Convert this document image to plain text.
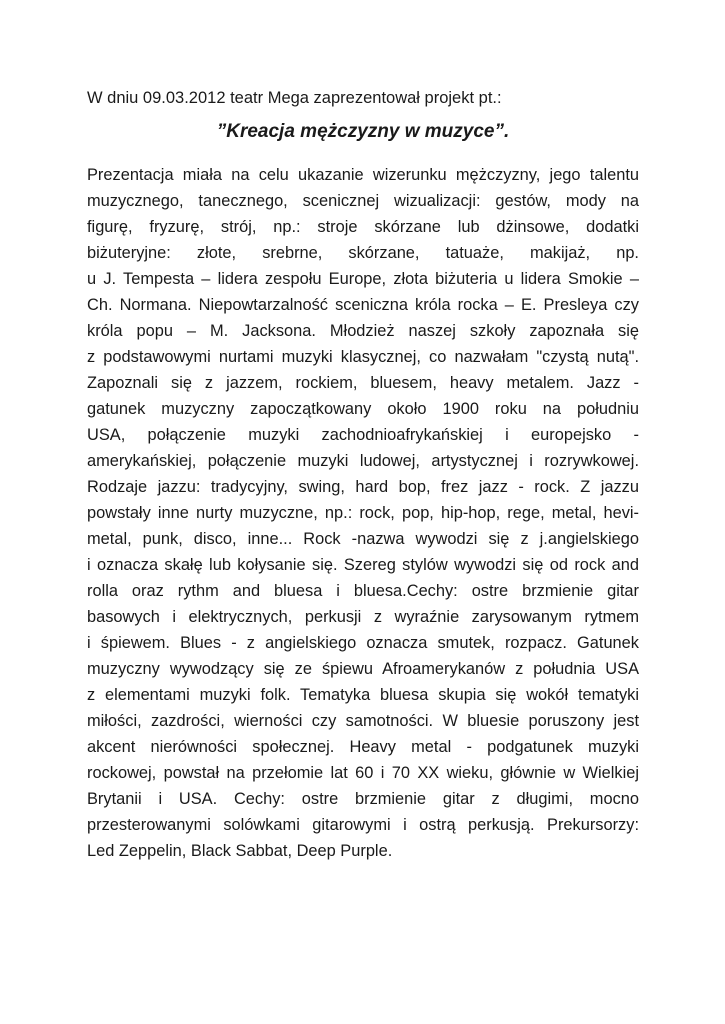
W dniu 09.03.2012 teatr Mega zaprezentował projekt pt.:
”Kreacja mężczyzny w muzyce”.
Prezentacja miała na celu ukazanie wizerunku mężczyzny, jego talentu
muzycznego, tanecznego, scenicznej wizualizacji: gestów, mody na
figurę, fryzurę, strój, np.: stroje skórzane lub dżinsowe, dodatki
biżuteryjne: złote, srebrne, skórzane, tatuaże, makijaż, np.
u J. Tempesta – lidera zespołu Europe, złota biżuteria u lidera Smokie –
Ch. Normana. Niepowtarzalność sceniczna króla rocka – E. Presleya czy
króla popu – M. Jacksona. Młodzież naszej szkoły zapoznała się
z podstawowymi nurtami muzyki klasycznej, co nazwałam "czystą nutą".
Zapoznali się z jazzem, rockiem, bluesem, heavy metalem. Jazz -
gatunek muzyczny zapoczątkowany około 1900 roku na południu
USA, połączenie muzyki zachodnioafrykańskiej i europejsko -
amerykańskiej, połączenie muzyki ludowej, artystycznej i rozrywkowej.
Rodzaje jazzu: tradycyjny, swing, hard bop, frez jazz - rock. Z jazzu
powstały inne nurty muzyczne, np.: rock, pop, hip-hop, rege, metal, hevi-
metal, punk, disco, inne... Rock -nazwa wywodzi się z j.angielskiego
i oznacza skałę lub kołysanie się. Szereg stylów wywodzi się od rock and
rolla oraz rythm and bluesa i bluesa.Cechy: ostre brzmienie gitar
basowych i elektrycznych, perkusji z wyraźnie zarysowanym rytmem
i śpiewem. Blues - z angielskiego oznacza smutek, rozpacz. Gatunek
muzyczny wywodzący się ze śpiewu Afroamerykanów z południa USA
z elementami muzyki folk. Tematyka bluesa skupia się wokół tematyki
miłości, zazdrości, wierności czy samotności. W bluesie poruszony jest
akcent nierówności społecznej. Heavy metal - podgatunek muzyki
rockowej, powstał na przełomie lat 60 i 70 XX wieku, głównie w Wielkiej
Brytanii i USA. Cechy: ostre brzmienie gitar z długimi, mocno
przesterowanymi solówkami gitarowymi i ostrą perkusją. Prekursorzy:
Led Zeppelin, Black Sabbat, Deep Purple.
